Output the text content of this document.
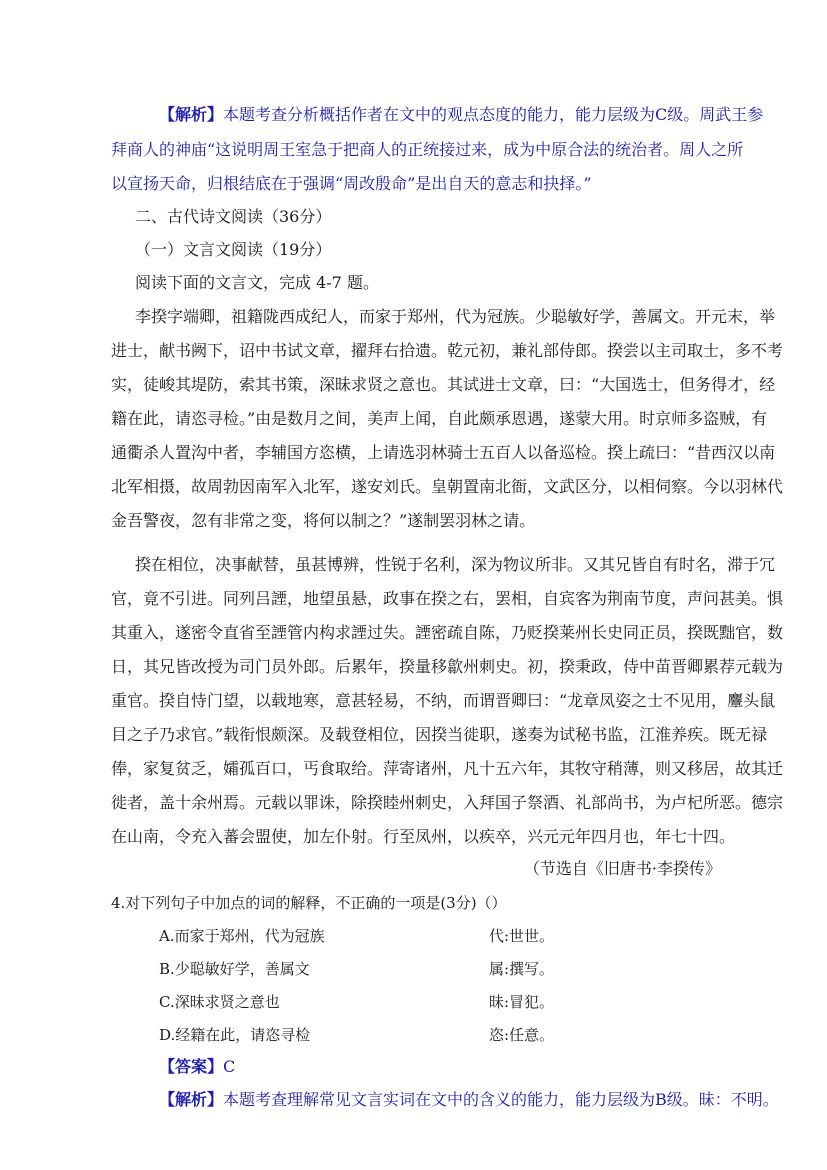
【解析】本题考查分析概括作者在文中的观点态度的能力，能力层级为C级。周武王参
拜商人的神庙“这说明周王室急于把商人的正统接过来，成为中原合法的统治者。周人之所
以宣扬天命，归根结底在于强调“周改殷命”是出自天的意志和抉择。”
二、古代诗文阅读（36分）
（一）文言文阅读（19分）
阅读下面的文言文，完成 4-7 题。
李揆字端卿，祖籍陇西成纪人，而家于郑州，代为冠族。少聪敏好学，善属文。开元末，举
进士，献书阙下，诏中书试文章，擢拜右拾遗。乾元初，兼礼部侍郎。揆尝以主司取士，多不考
实，徒峻其堤防，索其书策，深昧求贤之意也。其试进士文章，曰：“大国选士，但务得才，经
籍在此，请恣寻检。”由是数月之间，美声上闻，自此颇承恩遇，遂蒙大用。时京师多盗贼，有
通衢杀人置沟中者，李辅国方恣横，上请选羽林骑士五百人以备巡检。揆上疏曰：“昔西汉以南
北军相摄，故周勃因南军入北军，遂安刘氏。皇朝置南北衙，文武区分，以相伺察。今以羽林代
金吾警夜，忽有非常之变，将何以制之？”遂制罢羽林之请。
揆在相位，决事献替，虽甚博辨，性锐于名利，深为物议所非。又其兄皆自有时名，滞于冗
官，竟不引进。同列吕諲，地望虽悬，政事在揆之右，罢相，自宾客为荆南节度，声问甚美。惧
其重入，遂密令直省至諲管内构求諲过失。諲密疏自陈，乃贬揆莱州长史同正员，揆既黜官，数
日，其兄皆改授为司门员外郎。后累年，揆量移歙州刺史。初，揆秉政，侍中苗晋卿累荐元载为
重官。揆自恃门望，以载地寒，意甚轻易，不纳，而谓晋卿曰：“龙章凤姿之士不见用，麞头鼠
目之子乃求官。”载衔恨颇深。及载登相位，因揆当徙职，遂奏为试秘书监，江淮养疾。既无禄
俸，家复贫乏，孀孤百口，丐食取给。萍寄诸州，凡十五六年，其牧守稍薄，则又移居，故其迁
徙者，盖十余州焉。元载以罪诛，除揆睦州刺史，入拜国子祭酒、礼部尚书，为卢杞所恶。德宗
在山南，令充入蕃会盟使，加左仆射。行至凤州，以疾卒，兴元元年四月也，年七十四。
（节选自《旧唐书·李揆传》
4.对下列句子中加点的词的解释，不正确的一项是(3分)（）
A.而家于郑州，代为冠族	代:世世。
B.少聪敏好学，善属文	属:撰写。
C.深昧求贤之意也	昧:冒犯。
D.经籍在此，请恣寻检	恣:任意。
【答案】C
【解析】本题考查理解常见文言实词在文中的含义的能力，能力层级为B级。昧：不明。
